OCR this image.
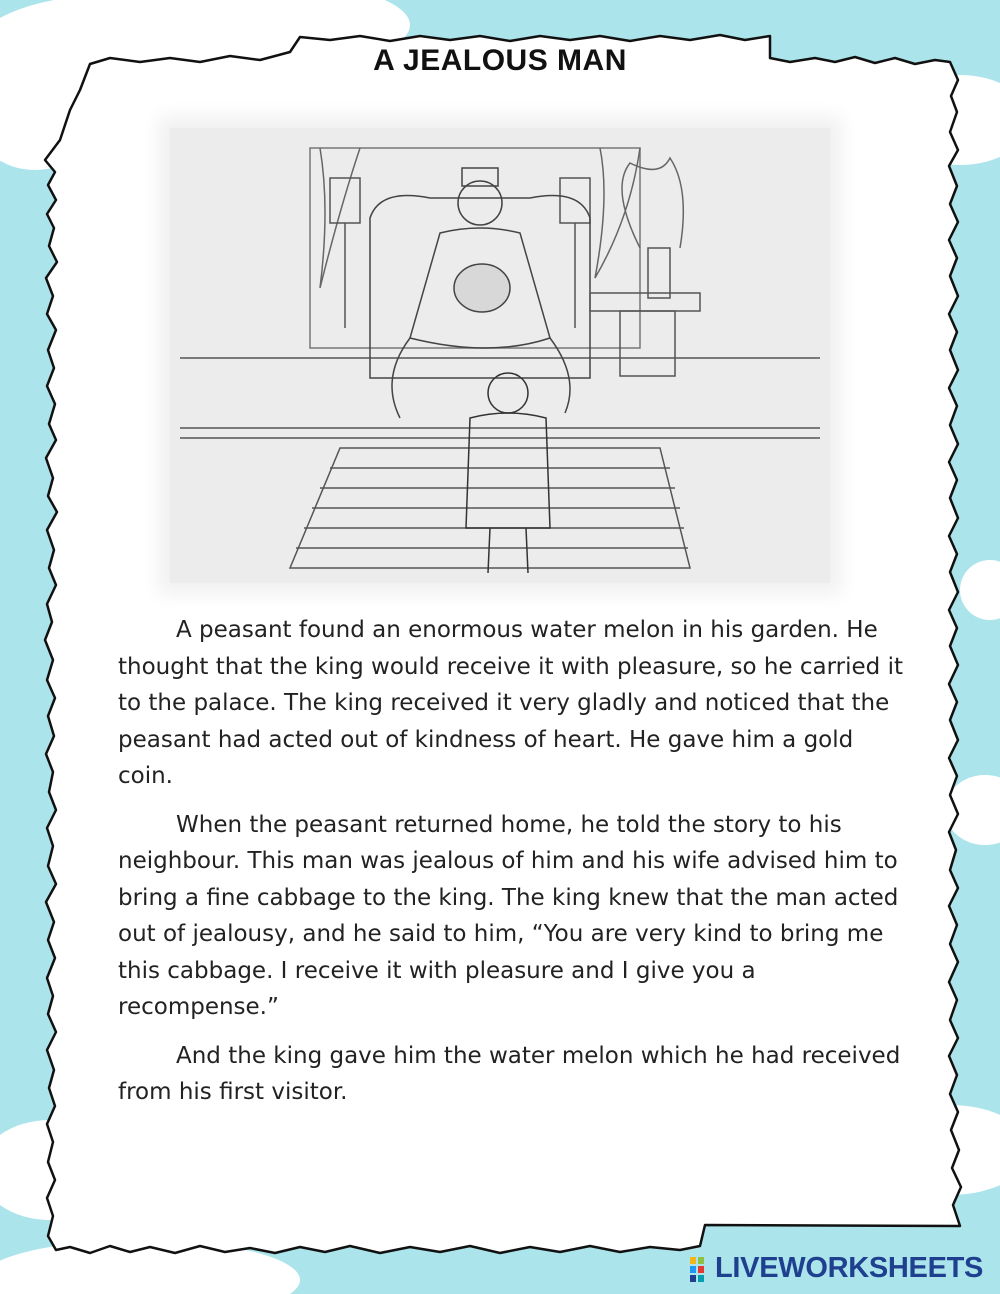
A JEALOUS MAN

A peasant found an enormous water melon in his garden. He thought that the king would receive it with pleasure, so he carried it to the palace. The king received it very gladly and noticed that the peasant had acted out of kindness of heart. He gave him a gold coin.

When the peasant returned home, he told the story to his neighbour. This man was jealous of him and his wife advised him to bring a fine cabbage to the king. The king knew that the man acted out of jealousy, and he said to him, “You are very kind to bring me this cabbage. I receive it with pleasure and I give you a recompense.”

And the king gave him the water melon which he had received from his first visitor.

LIVEWORKSHEETS
